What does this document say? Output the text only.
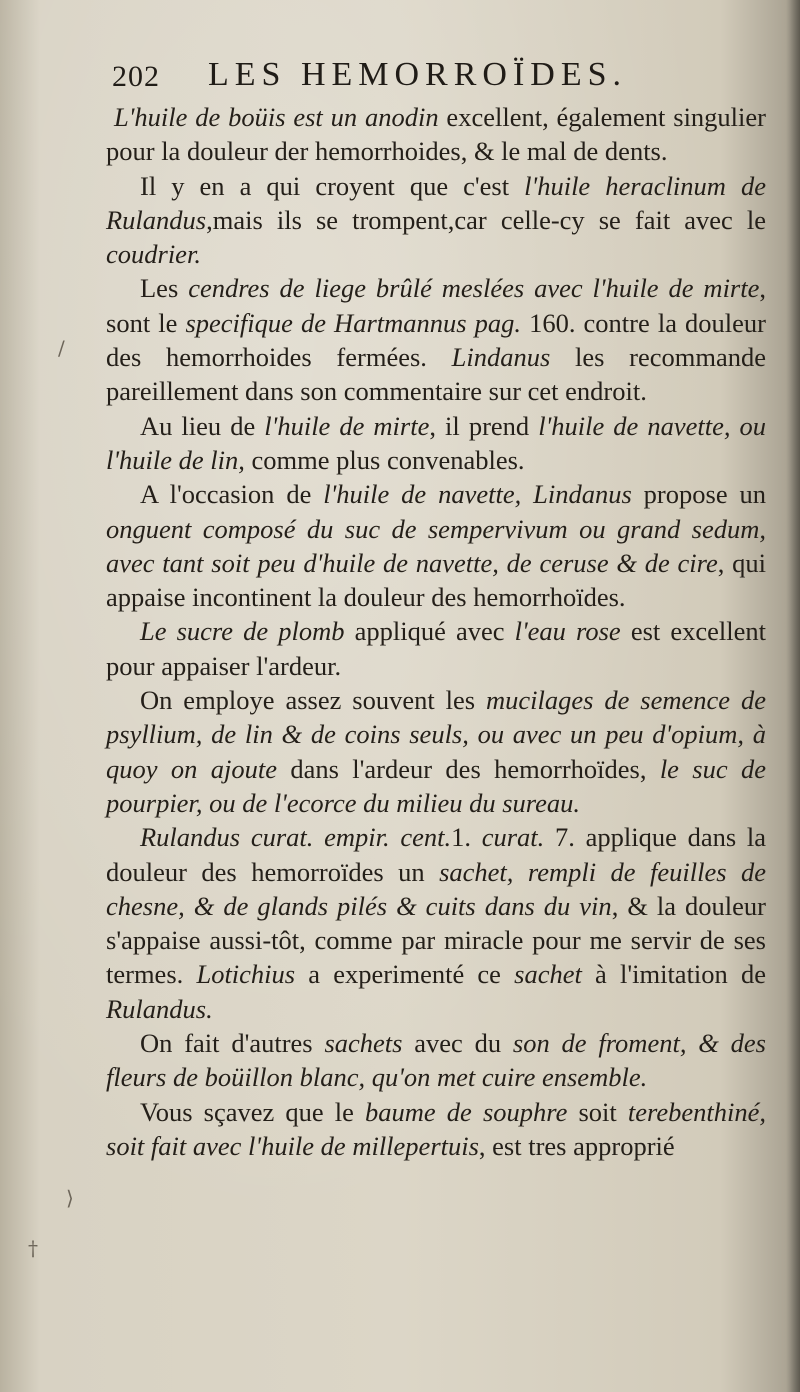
202 LES HEMORROÏDES.
/
⟩
†

L'huile de boüis est un anodin excellent, également singulier pour la douleur der hemorrhoides, & le mal de dents.

Il y en a qui croyent que c'est l'huile heraclinum de Rulandus,mais ils se trompent,car celle-cy se fait avec le coudrier.

Les cendres de liege brûlé meslées avec l'huile de mirte, sont le specifique de Hartmannus pag. 160. contre la douleur des hemorrhoides fermées. Lindanus les recommande pareillement dans son commentaire sur cet endroit.

Au lieu de l'huile de mirte, il prend l'huile de navette, ou l'huile de lin, comme plus convenables.

A l'occasion de l'huile de navette, Lindanus propose un onguent composé du suc de sempervivum ou grand sedum, avec tant soit peu d'huile de navette, de ceruse & de cire, qui appaise incontinent la douleur des hemorrhoïdes.

Le sucre de plomb appliqué avec l'eau rose est excellent pour appaiser l'ardeur.

On employe assez souvent les mucilages de semence de psyllium, de lin & de coins seuls, ou avec un peu d'opium, à quoy on ajoute dans l'ardeur des hemorrhoïdes, le suc de pourpier, ou de l'ecorce du milieu du sureau.

Rulandus curat. empir. cent.1. curat. 7. applique dans la douleur des hemorroïdes un sachet, rempli de feuilles de chesne, & de glands pilés & cuits dans du vin, & la douleur s'appaise aussi-tôt, comme par miracle pour me servir de ses termes. Lotichius a experimenté ce sachet à l'imitation de Rulandus.

On fait d'autres sachets avec du son de froment, & des fleurs de boüillon blanc, qu'on met cuire ensemble.

Vous sçavez que le baume de souphre soit terebenthiné, soit fait avec l'huile de millepertuis, est tres approprié
